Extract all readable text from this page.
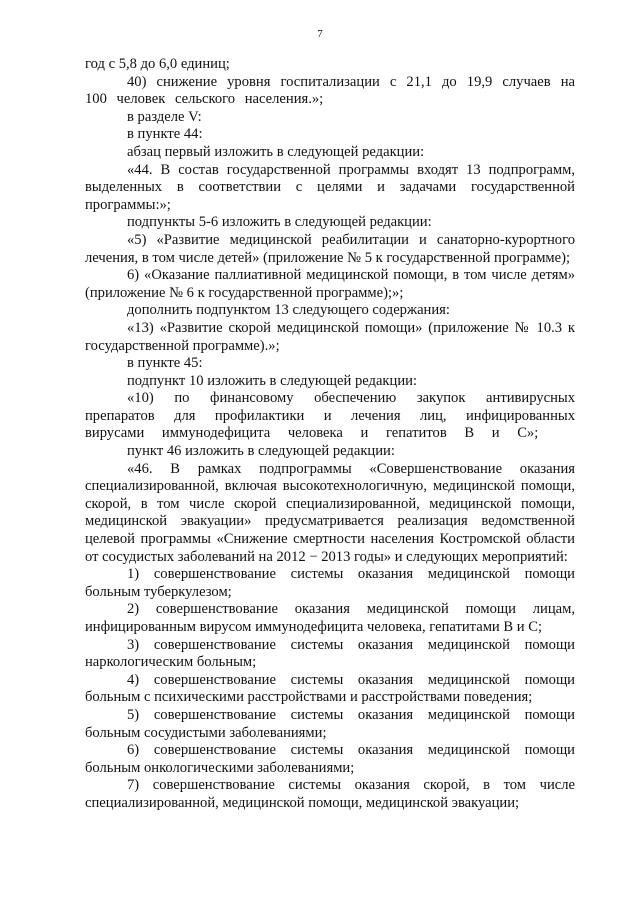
7

год с 5,8 до 6,0 единиц;

40) снижение уровня госпитализации с 21,1 до 19,9 случаев на 100 человек сельского населения.»;

в разделе V:

в пункте 44:

абзац первый изложить в следующей редакции:

«44. В состав государственной программы входят 13 подпрограмм, выделенных в соответствии с целями и задачами государственной программы:»;

подпункты 5-6 изложить в следующей редакции:

«5) «Развитие медицинской реабилитации и санаторно-курортного лечения, в том числе детей» (приложение № 5 к государственной программе);

6) «Оказание паллиативной медицинской помощи, в том числе детям» (приложение № 6 к государственной программе);»;

дополнить подпунктом 13 следующего содержания:

«13) «Развитие скорой медицинской помощи» (приложение № 10.3 к государственной программе).»;

в пункте 45:

подпункт 10 изложить в следующей редакции:

«10) по финансовому обеспечению закупок антивирусных препаратов для профилактики и лечения лиц, инфицированных вирусами иммунодефицита человека и гепатитов В и С»;

пункт 46 изложить в следующей редакции:

«46. В рамках подпрограммы «Совершенствование оказания специализированной, включая высокотехнологичную, медицинской помощи, скорой, в том числе скорой специализированной, медицинской помощи, медицинской эвакуации» предусматривается реализация ведомственной целевой программы «Снижение смертности населения Костромской области от сосудистых заболеваний на 2012 − 2013 годы» и следующих мероприятий:

1) совершенствование системы оказания медицинской помощи больным туберкулезом;

2) совершенствование оказания медицинской помощи лицам, инфицированным вирусом иммунодефицита человека, гепатитами В и С;

3) совершенствование системы оказания медицинской помощи наркологическим больным;

4) совершенствование системы оказания медицинской помощи больным с психическими расстройствами и расстройствами поведения;

5) совершенствование системы оказания медицинской помощи больным сосудистыми заболеваниями;

6) совершенствование системы оказания медицинской помощи больным онкологическими заболеваниями;

7) совершенствование системы оказания скорой, в том числе специализированной, медицинской помощи, медицинской эвакуации;
